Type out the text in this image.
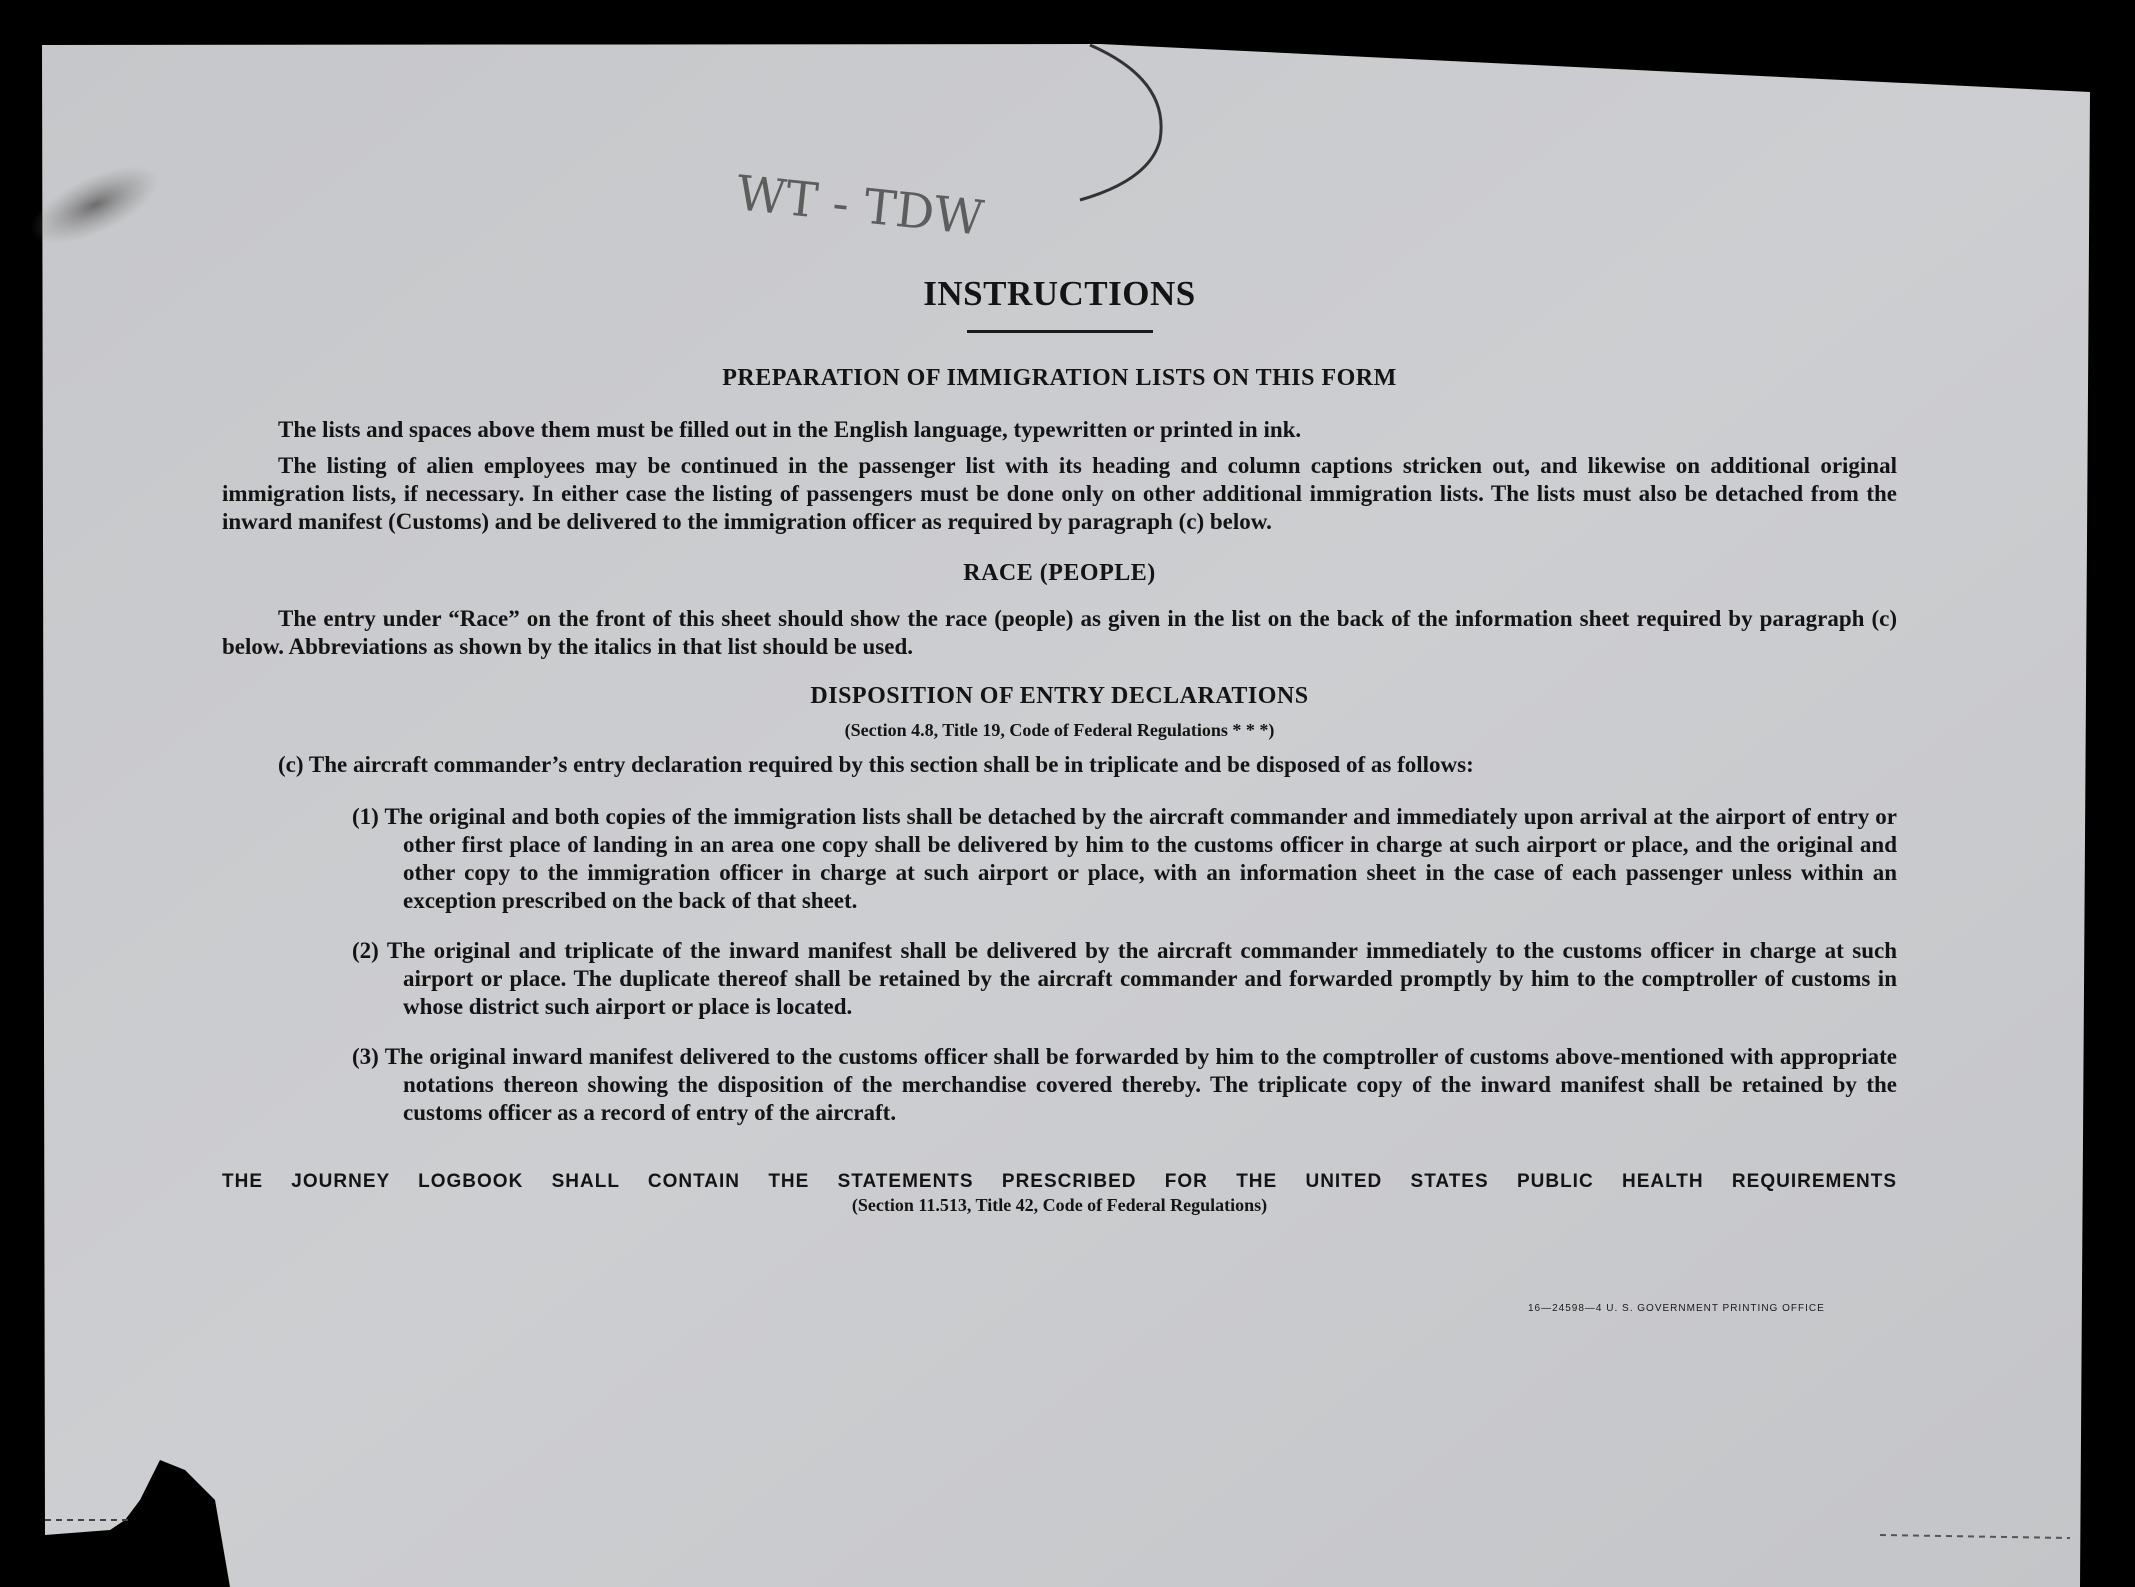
WT - TDW
INSTRUCTIONS
PREPARATION OF IMMIGRATION LISTS ON THIS FORM

The lists and spaces above them must be filled out in the English language, typewritten or printed in ink.

The listing of alien employees may be continued in the passenger list with its heading and column captions stricken out, and likewise on additional original immigration lists, if necessary. In either case the listing of passengers must be done only on other additional immigration lists. The lists must also be detached from the inward manifest (Customs) and be delivered to the immigration officer as required by paragraph (c) below.

RACE (PEOPLE)

The entry under “Race” on the front of this sheet should show the race (people) as given in the list on the back of the information sheet required by paragraph (c) below. Abbreviations as shown by the italics in that list should be used.

DISPOSITION OF ENTRY DECLARATIONS
(Section 4.8, Title 19, Code of Federal Regulations * * *)

(c) The aircraft commander’s entry declaration required by this section shall be in triplicate and be disposed of as follows:

(1) The original and both copies of the immigration lists shall be detached by the aircraft commander and immediately upon arrival at the airport of entry or other first place of landing in an area one copy shall be delivered by him to the customs officer in charge at such airport or place, and the original and other copy to the immigration officer in charge at such airport or place, with an information sheet in the case of each passenger unless within an exception prescribed on the back of that sheet.

(2) The original and triplicate of the inward manifest shall be delivered by the aircraft commander immediately to the customs officer in charge at such airport or place. The duplicate thereof shall be retained by the aircraft commander and forwarded promptly by him to the comptroller of customs in whose district such airport or place is located.

(3) The original inward manifest delivered to the customs officer shall be forwarded by him to the comptroller of customs above-mentioned with appropriate notations thereon showing the disposition of the merchandise covered thereby. The triplicate copy of the inward manifest shall be retained by the customs officer as a record of entry of the aircraft.

THE JOURNEY LOGBOOK SHALL CONTAIN THE STATEMENTS PRESCRIBED FOR THE UNITED STATES PUBLIC HEALTH REQUIREMENTS
(Section 11.513, Title 42, Code of Federal Regulations)
16—24598—4 U. S. GOVERNMENT PRINTING OFFICE
